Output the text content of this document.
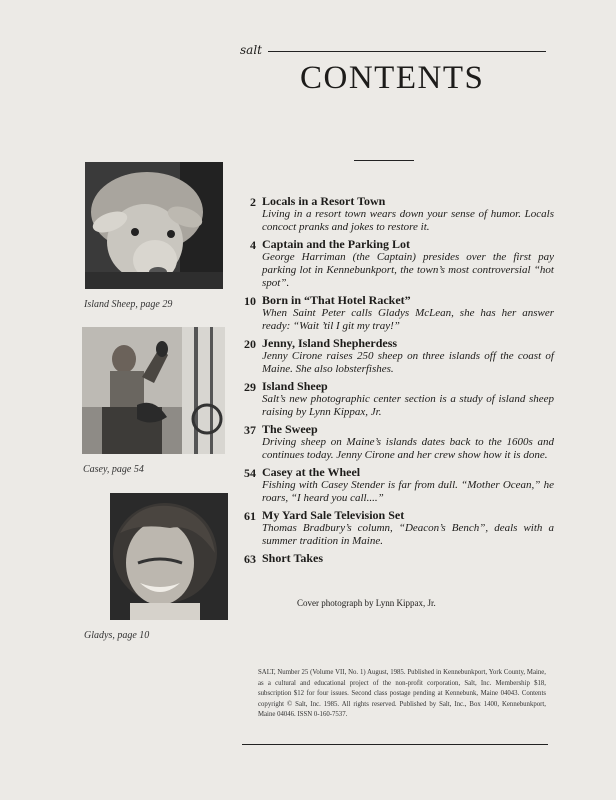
salt
CONTENTS
Island Sheep, page 29
Casey, page 54
Gladys, page 10
2 Locals in a Resort Town
Living in a resort town wears down your sense of humor. Locals concoct pranks and jokes to restore it.
4 Captain and the Parking Lot
George Harriman (the Captain) presides over the first pay parking lot in Kennebunkport, the town’s most controversial “hot spot”.
10 Born in “That Hotel Racket”
When Saint Peter calls Gladys McLean, she has her answer ready: “Wait ’til I git my tray!”
20 Jenny, Island Shepherdess
Jenny Cirone raises 250 sheep on three islands off the coast of Maine. She also lobsterfishes.
29 Island Sheep
Salt’s new photographic center section is a study of island sheep raising by Lynn Kippax, Jr.
37 The Sweep
Driving sheep on Maine’s islands dates back to the 1600s and continues today. Jenny Cirone and her crew show how it is done.
54 Casey at the Wheel
Fishing with Casey Stender is far from dull. “Mother Ocean,” he roars, “I heard you call....”
61 My Yard Sale Television Set
Thomas Bradbury’s column, “Deacon’s Bench”, deals with a summer tradition in Maine.
63 Short Takes
Cover photograph by Lynn Kippax, Jr.
SALT, Number 25 (Volume VII, No. 1) August, 1985. Published in Kennebunkport, York County, Maine, as a cultural and educational project of the non-profit corporation, Salt, Inc. Membership $18, subscription $12 for four issues. Second class postage pending at Kennebunk, Maine 04043. Contents copyright © Salt, Inc. 1985. All rights reserved. Published by Salt, Inc., Box 1400, Kennebunkport, Maine 04046. ISSN 0-160-7537.
